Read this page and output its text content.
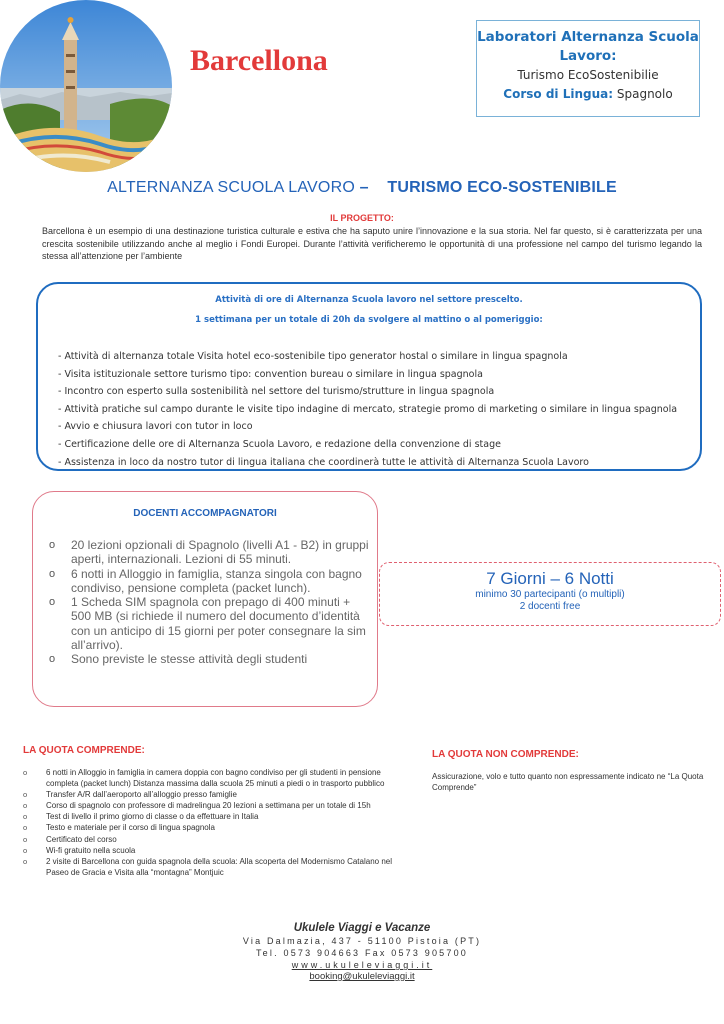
Barcellona
Laboratori Alternanza Scuola Lavoro:
Turismo EcoSostenibilie
Corso di Lingua: Spagnolo
ALTERNANZA SCUOLA LAVORO – TURISMO ECO-SOSTENIBILE
IL PROGETTO:
Barcellona è un esempio di una destinazione turistica culturale e estiva che ha saputo unire l’innovazione e la sua storia. Nel far questo, si è caratterizzata per una crescita sostenibile utilizzando anche al meglio i Fondi Europei. Durante l’attività verificheremo le opportunità di una professione nel campo del turismo legando la stessa all’attenzione per l’ambiente
Attività di ore di Alternanza Scuola lavoro nel settore prescelto.
1 settimana per un totale di 20h da svolgere al mattino o al pomeriggio:
- Attività di alternanza totale Visita hotel eco-sostenibile tipo generator hostal o similare in lingua spagnola
- Visita istituzionale settore turismo tipo: convention bureau o similare in lingua spagnola
- Incontro con esperto sulla sostenibilità nel settore del turismo/strutture in lingua spagnola
- Attività pratiche sul campo durante le visite tipo indagine di mercato, strategie promo di marketing o similare in lingua spagnola
- Avvio e chiusura lavori con tutor in loco
- Certificazione delle ore di Alternanza Scuola Lavoro, e redazione della convenzione di stage
- Assistenza in loco da nostro tutor di lingua italiana che coordinerà tutte le attività di Alternanza Scuola Lavoro
DOCENTI ACCOMPAGNATORI
o 20 lezioni opzionali di Spagnolo (livelli A1 - B2) in gruppi aperti, internazionali. Lezioni di 55 minuti.
o 6 notti in Alloggio in famiglia, stanza singola con bagno condiviso, pensione completa (packet lunch).
o 1 Scheda SIM spagnola con prepago di 400 minuti + 500 MB (si richiede il numero del documento d’identità con un anticipo di 15 giorni per poter consegnare la sim all’arrivo).
o Sono previste le stesse attività degli studenti
7 Giorni – 6 Notti
minimo 30 partecipanti (o multipli)
2 docenti free
LA QUOTA COMPRENDE:
o 6 notti in Alloggio in famiglia in camera doppia con bagno condiviso per gli studenti in pensione completa (packet lunch) Distanza massima dalla scuola 25 minuti a piedi o in trasporto pubblico
o Transfer A/R dall’aeroporto all’alloggio presso famiglie
o Corso di spagnolo con professore di madrelingua 20 lezioni a settimana per un totale di 15h
o Test di livello il primo giorno di classe o da effettuare in Italia
o Testo e materiale per il corso di lingua spagnola
o Certificato del corso
o Wi-fi gratuito nella scuola
o 2 visite di Barcellona con guida spagnola della scuola: Alla scoperta del Modernismo Catalano nel Paseo de Gracia e Visita alla “montagna” Montjuic
LA QUOTA NON COMPRENDE:
Assicurazione, volo e tutto quanto non espressamente indicato ne “La Quota Comprende”
Ukulele Viaggi e Vacanze
Via Dalmazia, 437 - 51100 Pistoia (PT)
Tel. 0573 904663 Fax 0573 905700
www.ukuleleviaggi.it
booking@ukuleleviaggi.it
